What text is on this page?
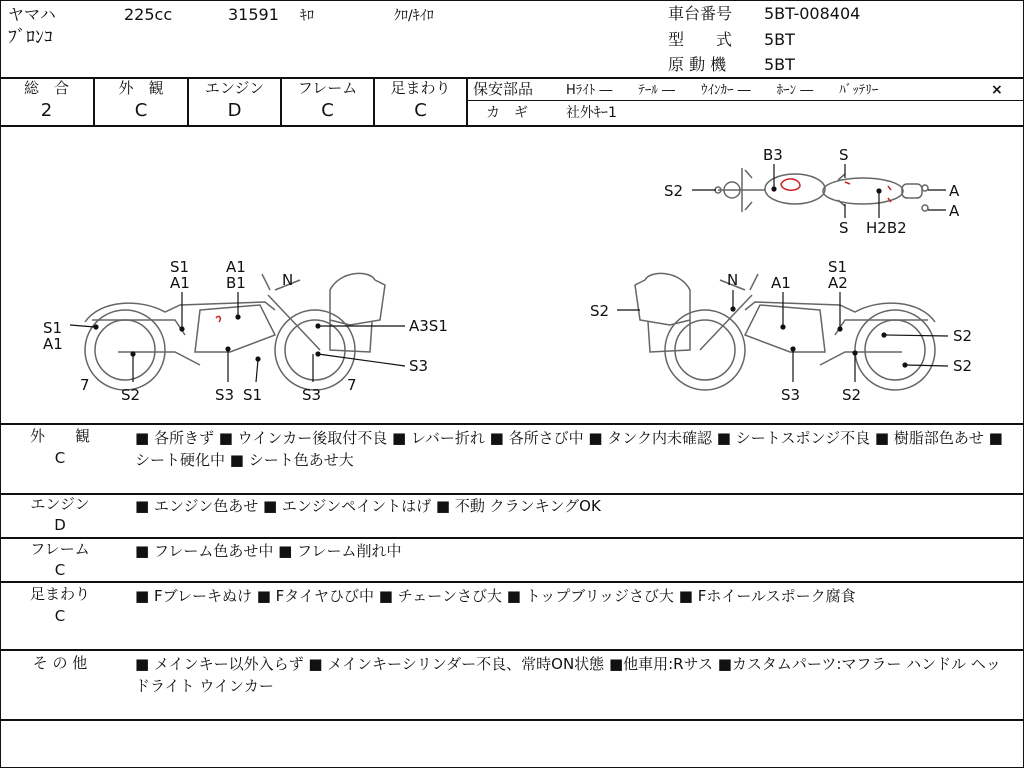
ヤマハ	225cc	31591 ｷﾛ	ｸﾛ/ｷｲﾛ
ﾌﾞﾛﾝｺ
車台番号 5BT-008404
型　　式 5BT
原 動 機 5BT
総　合	外　観	エンジン	フレーム	足まわり
2	C	D	C	C
保安部品	Hﾗｲﾄ ―　　ﾃｰﾙ ―　　ｳｲﾝｶｰ ―　　ﾎｰﾝ ―　　ﾊﾞｯﾃﾘｰ	×
カ　ギ	社外ｷｰ1
B3	S
S2	A
A
S H2B2
S1
A1
A1
B1 N
S1
A1
A3S1
S3
7	7
S2	S3 S1	S3
N A1
S1
A2
S2
S2
S2
S3	S2
外　　観
C
■ 各所きず ■ ウインカー後取付不良 ■ レバー折れ ■ 各所さび中 ■ タンク内未確認 ■ シートスポンジ不良 ■ 樹脂部色あせ ■ シート硬化中 ■ シート色あせ大
エンジン
D
■ エンジン色あせ ■ エンジンペイントはげ ■ 不動 クランキングOK
フレーム
C
■ フレーム色あせ中 ■ フレーム削れ中
足まわり
C
■ Fブレーキぬけ ■ Fタイヤひび中 ■ チェーンさび大 ■ トップブリッジさび大 ■ Fホイールスポーク腐食
そ の 他	■ メインキー以外入らず ■ メインキーシリンダー不良、常時ON状態 ■他車用:Rサス ■カスタムパーツ:マフラー ハンドル ヘッドライト ウインカー
